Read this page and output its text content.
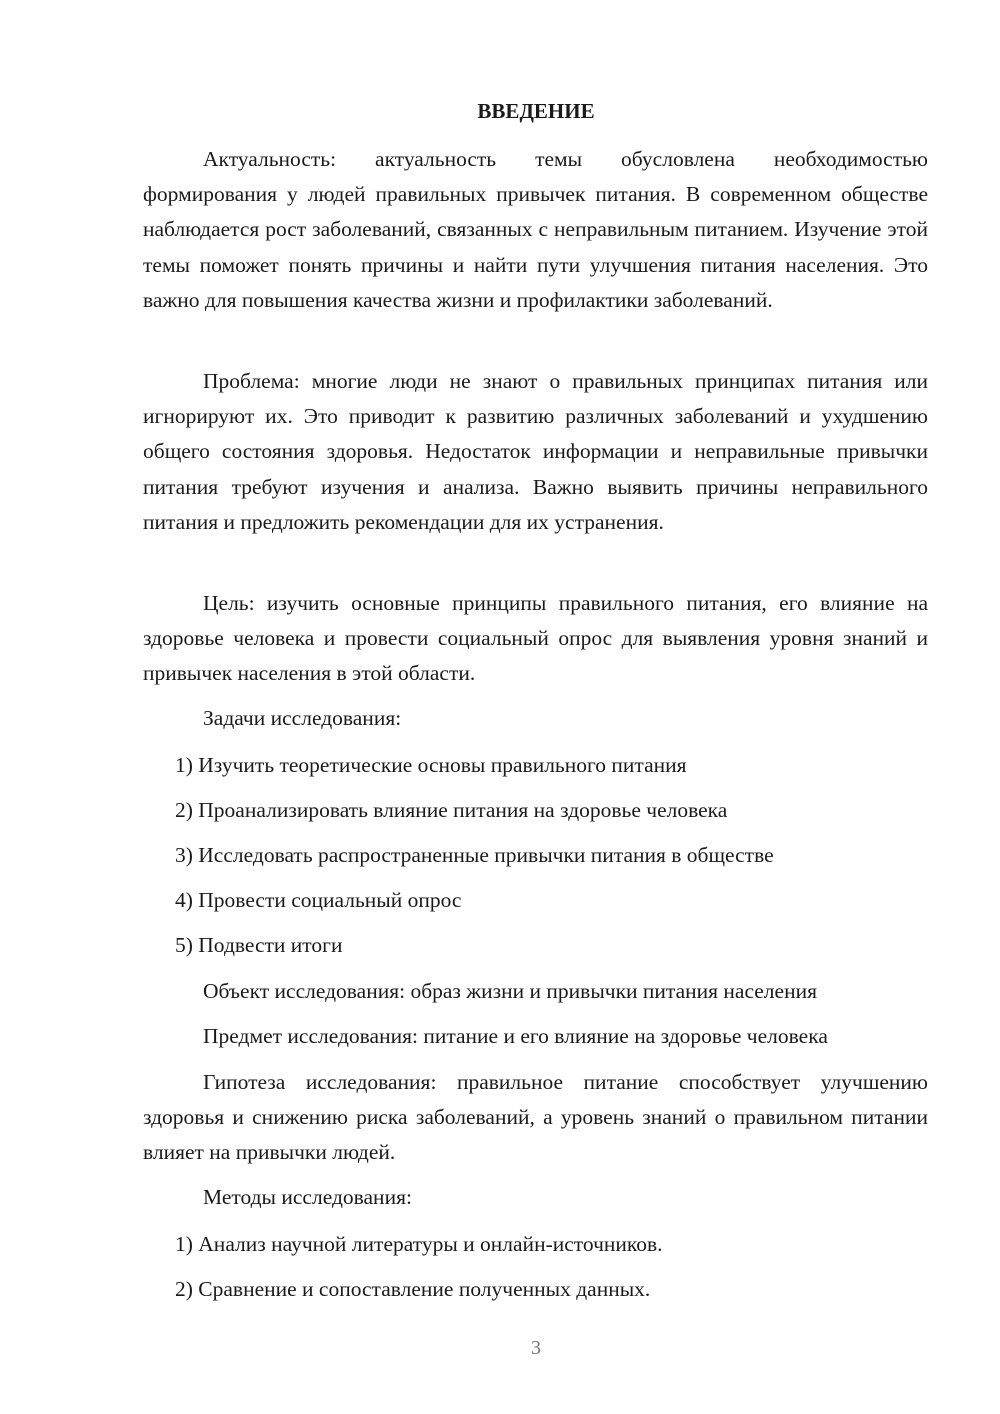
ВВЕДЕНИЕ

Актуальность: актуальность темы обусловлена необходимостью формирования у людей правильных привычек питания. В современном обществе наблюдается рост заболеваний, связанных с неправильным питанием. Изучение этой темы поможет понять причины и найти пути улучшения питания населения. Это важно для повышения качества жизни и профилактики заболеваний.

Проблема: многие люди не знают о правильных принципах питания или игнорируют их. Это приводит к развитию различных заболеваний и ухудшению общего состояния здоровья. Недостаток информации и неправильные привычки питания требуют изучения и анализа. Важно выявить причины неправильного питания и предложить рекомендации для их устранения.

Цель: изучить основные принципы правильного питания, его влияние на здоровье человека и провести социальный опрос для выявления уровня знаний и привычек населения в этой области.

Задачи исследования:
1) Изучить теоретические основы правильного питания
2) Проанализировать влияние питания на здоровье человека
3) Исследовать распространенные привычки питания в обществе
4) Провести социальный опрос
5) Подвести итоги
Объект исследования: образ жизни и привычки питания населения
Предмет исследования: питание и его влияние на здоровье человека

Гипотеза исследования: правильное питание способствует улучшению здоровья и снижению риска заболеваний, а уровень знаний о правильном питании влияет на привычки людей.

Методы исследования:
1) Анализ научной литературы и онлайн-источников.
2) Сравнение и сопоставление полученных данных.
3
